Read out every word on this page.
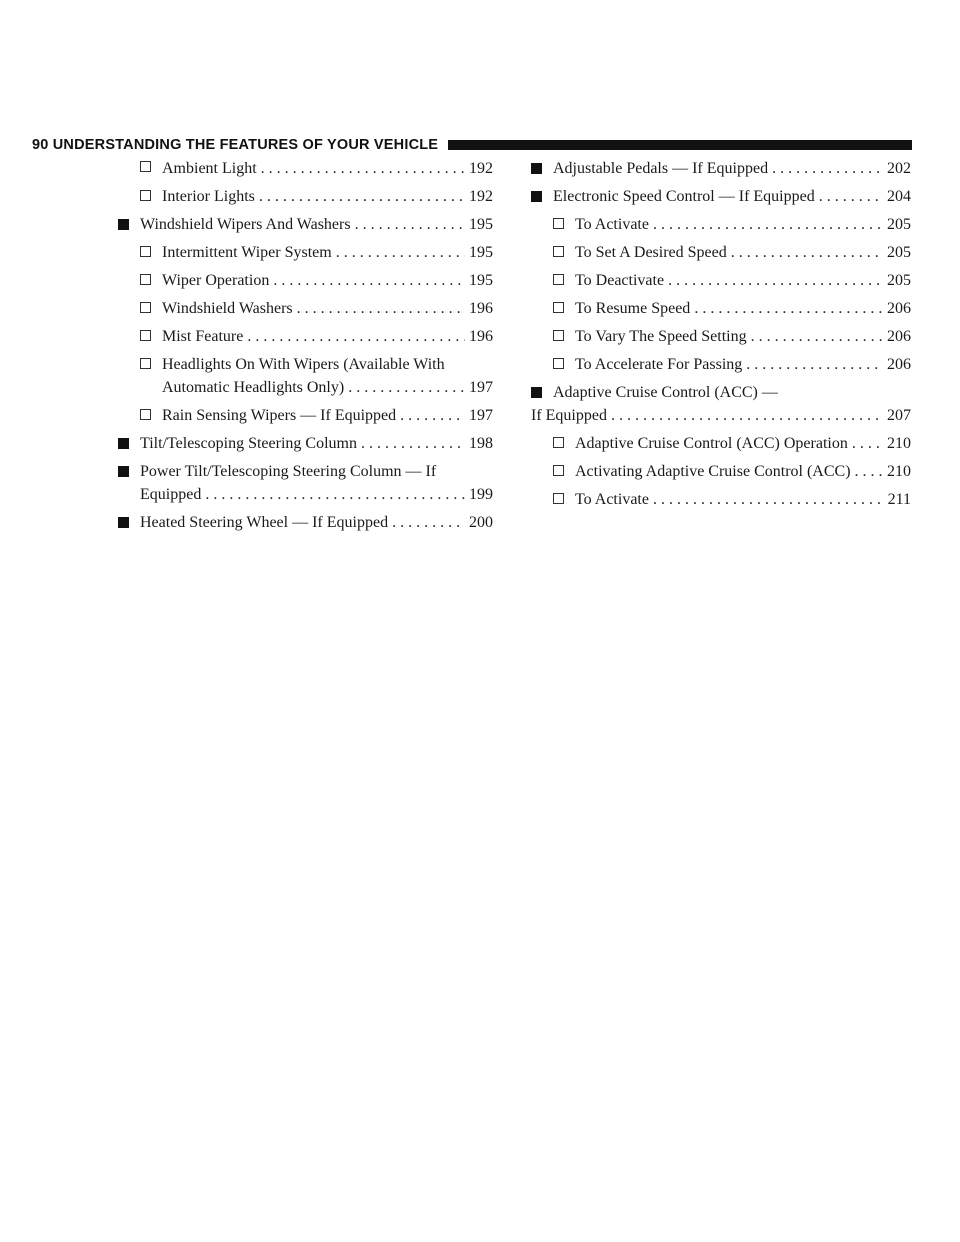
90 UNDERSTANDING THE FEATURES OF YOUR VEHICLE
Ambient Light . . .	192
Interior Lights . . .	192
Windshield Wipers And Washers . . .	195
Intermittent Wiper System . . .	195
Wiper Operation . . .	195
Windshield Washers . . .	196
Mist Feature . . .	196
Headlights On With Wipers (Available With
Automatic Headlights Only) . . .	197
Rain Sensing Wipers — If Equipped . . .	197
Tilt/Telescoping Steering Column . . .	198
Power Tilt/Telescoping Steering Column — If
Equipped . . .	199
Heated Steering Wheel — If Equipped . . .	200
Adjustable Pedals — If Equipped . . .	202
Electronic Speed Control — If Equipped . . .	204
To Activate . . .	205
To Set A Desired Speed . . .	205
To Deactivate . . .	205
To Resume Speed . . .	206
To Vary The Speed Setting . . .	206
To Accelerate For Passing . . .	206
Adaptive Cruise Control (ACC) —
If Equipped . . .	207
Adaptive Cruise Control (ACC) Operation . . . 210
Activating Adaptive Cruise Control (ACC) . . . 210
To Activate . . .	211
